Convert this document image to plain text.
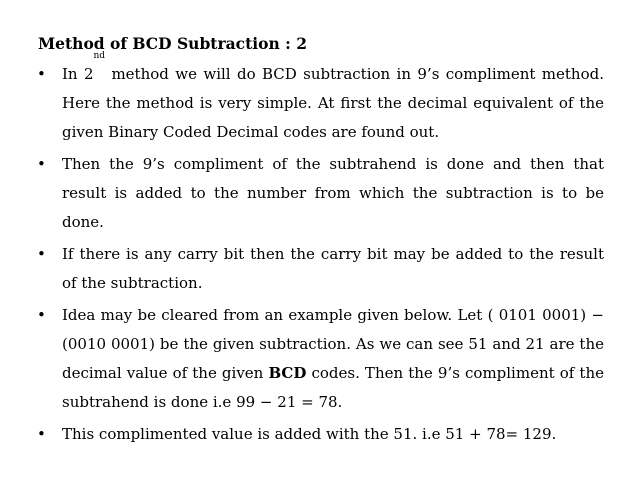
Method of BCD Subtraction : 2
• In 2nd method we will do BCD subtraction in 9’s compliment method. Here the method is very simple. At first the decimal equivalent of the given Binary Coded Decimal codes are found out.
• Then the 9’s compliment of the subtrahend is done and then that result is added to the number from which the subtraction is to be done.
• If there is any carry bit then the carry bit may be added to the result of the subtraction.
• Idea may be cleared from an example given below. Let ( 0101 0001) − (0010 0001) be the given subtraction. As we can see 51 and 21 are the decimal value of the given BCD codes. Then the 9’s compliment of the subtrahend is done i.e 99 − 21 = 78.
• This complimented value is added with the 51. i.e 51 + 78= 129.
